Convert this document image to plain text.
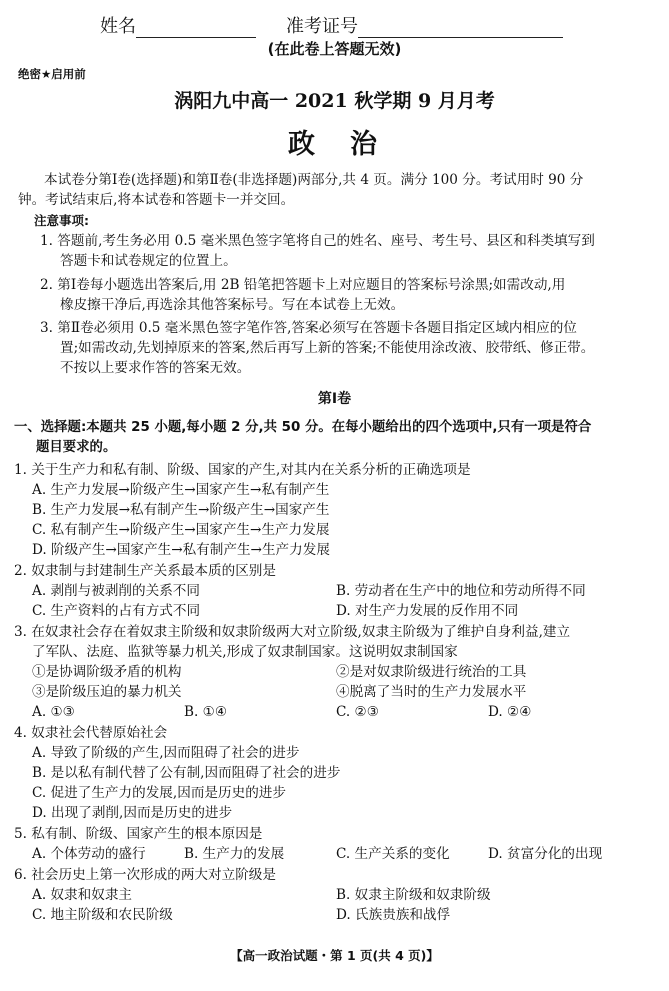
姓名	准考证号
(在此卷上答题无效)
绝密★启用前
涡阳九中高一 2021 秋学期 9 月月考
政　治
本试卷分第Ⅰ卷(选择题)和第Ⅱ卷(非选择题)两部分,共 4 页。满分 100 分。考试用时 90 分
钟。考试结束后,将本试卷和答题卡一并交回。
注意事项:
1. 答题前,考生务必用 0.5 毫米黑色签字笔将自己的姓名、座号、考生号、县区和科类填写到
答题卡和试卷规定的位置上。
2. 第Ⅰ卷每小题选出答案后,用 2B 铅笔把答题卡上对应题目的答案标号涂黑;如需改动,用
橡皮擦干净后,再选涂其他答案标号。写在本试卷上无效。
3. 第Ⅱ卷必须用 0.5 毫米黑色签字笔作答,答案必须写在答题卡各题目指定区域内相应的位
置;如需改动,先划掉原来的答案,然后再写上新的答案;不能使用涂改液、胶带纸、修正带。
不按以上要求作答的答案无效。
第Ⅰ卷
一、选择题:本题共 25 小题,每小题 2 分,共 50 分。在每小题给出的四个选项中,只有一项是符合
题目要求的。
1. 关于生产力和私有制、阶级、国家的产生,对其内在关系分析的正确选项是
A. 生产力发展→阶级产生→国家产生→私有制产生
B. 生产力发展→私有制产生→阶级产生→国家产生
C. 私有制产生→阶级产生→国家产生→生产力发展
D. 阶级产生→国家产生→私有制产生→生产力发展
2. 奴隶制与封建制生产关系最本质的区别是
A. 剥削与被剥削的关系不同	B. 劳动者在生产中的地位和劳动所得不同
C. 生产资料的占有方式不同	D. 对生产力发展的反作用不同
3. 在奴隶社会存在着奴隶主阶级和奴隶阶级两大对立阶级,奴隶主阶级为了维护自身利益,建立
了军队、法庭、监狱等暴力机关,形成了奴隶制国家。这说明奴隶制国家
①是协调阶级矛盾的机构	②是对奴隶阶级进行统治的工具
③是阶级压迫的暴力机关	④脱离了当时的生产力发展水平
A. ①③	B. ①④	C. ②③	D. ②④
4. 奴隶社会代替原始社会
A. 导致了阶级的产生,因而阻碍了社会的进步
B. 是以私有制代替了公有制,因而阻碍了社会的进步
C. 促进了生产力的发展,因而是历史的进步
D. 出现了剥削,因而是历史的进步
5. 私有制、阶级、国家产生的根本原因是
A. 个体劳动的盛行	B. 生产力的发展	C. 生产关系的变化	D. 贫富分化的出现
6. 社会历史上第一次形成的两大对立阶级是
A. 奴隶和奴隶主	B. 奴隶主阶级和奴隶阶级
C. 地主阶级和农民阶级	D. 氏族贵族和战俘
【高一政治试题・第 1 页(共 4 页)】
